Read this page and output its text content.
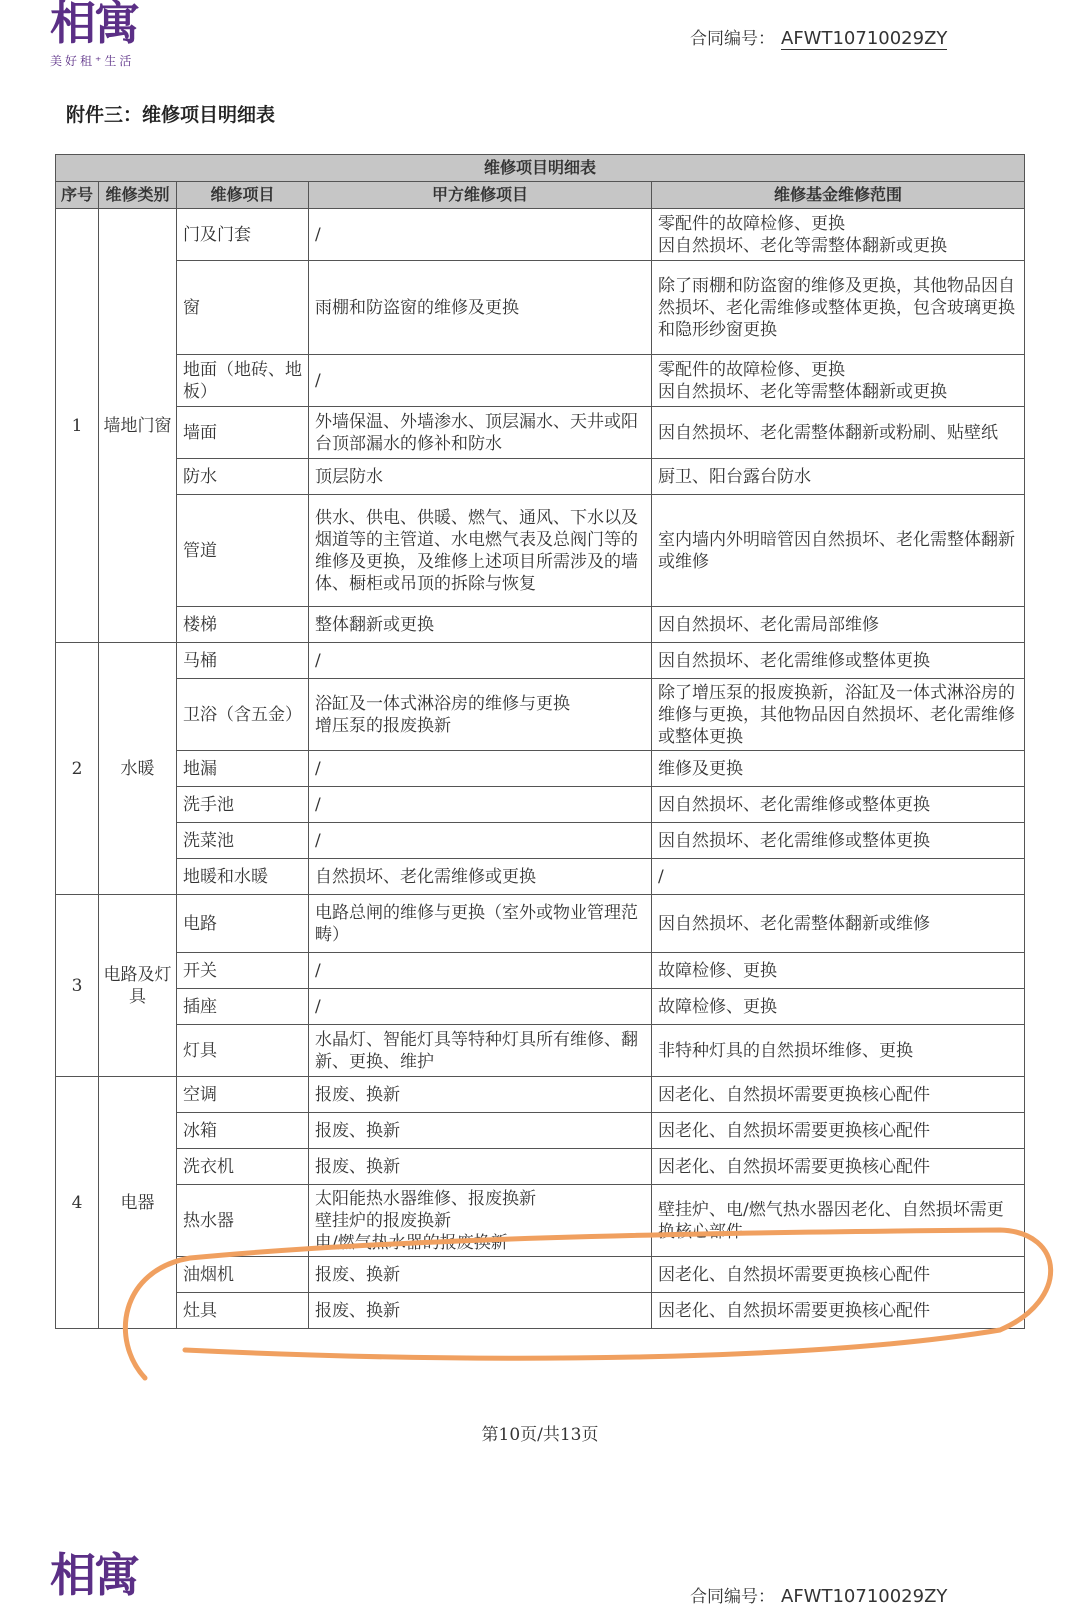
相寓
美好租⁺生活
合同编号： AFWT10710029ZY
附件三：维修项目明细表
维修项目明细表				
序号	维修类别	维修项目	甲方维修项目	维修基金维修范围
1	墙地门窗	门及门套	/	零配件的故障检修、更换
因自然损坏、老化等需整体翻新或更换
		窗	雨棚和防盗窗的维修及更换	除了雨棚和防盗窗的维修及更换，其他物品因自然损坏、老化需维修或整体更换，包含玻璃更换和隐形纱窗更换
		地面（地砖、地板）	/	零配件的故障检修、更换
因自然损坏、老化等需整体翻新或更换
		墙面	外墙保温、外墙渗水、顶层漏水、天井或阳台顶部漏水的修补和防水	因自然损坏、老化需整体翻新或粉刷、贴壁纸
		防水	顶层防水	厨卫、阳台露台防水
		管道	供水、供电、供暖、燃气、通风、下水以及烟道等的主管道、水电燃气表及总阀门等的维修及更换，及维修上述项目所需涉及的墙体、橱柜或吊顶的拆除与恢复	室内墙内外明暗管因自然损坏、老化需整体翻新或维修
		楼梯	整体翻新或更换	因自然损坏、老化需局部维修
2	水暖	马桶	/	因自然损坏、老化需维修或整体更换
		卫浴（含五金）	浴缸及一体式淋浴房的维修与更换
增压泵的报废换新	除了增压泵的报废换新，浴缸及一体式淋浴房的维修与更换，其他物品因自然损坏、老化需维修或整体更换
		地漏	/	维修及更换
		洗手池	/	因自然损坏、老化需维修或整体更换
		洗菜池	/	因自然损坏、老化需维修或整体更换
		地暖和水暖	自然损坏、老化需维修或更换	/
3	电路及灯具	电路	电路总闸的维修与更换（室外或物业管理范畴）	因自然损坏、老化需整体翻新或维修
		开关	/	故障检修、更换
		插座	/	故障检修、更换
		灯具	水晶灯、智能灯具等特种灯具所有维修、翻新、更换、维护	非特种灯具的自然损坏维修、更换
4	电器	空调	报废、换新	因老化、自然损坏需要更换核心配件
		冰箱	报废、换新	因老化、自然损坏需要更换核心配件
		洗衣机	报废、换新	因老化、自然损坏需要更换核心配件
		热水器	太阳能热水器维修、报废换新
壁挂炉的报废换新
电/燃气热水器的报废换新	壁挂炉、电/燃气热水器因老化、自然损坏需更换核心部件
		油烟机	报废、换新	因老化、自然损坏需要更换核心配件
		灶具	报废、换新	因老化、自然损坏需要更换核心配件
第10页/共13页
相寓	合同编号： AFWT10710029ZY
